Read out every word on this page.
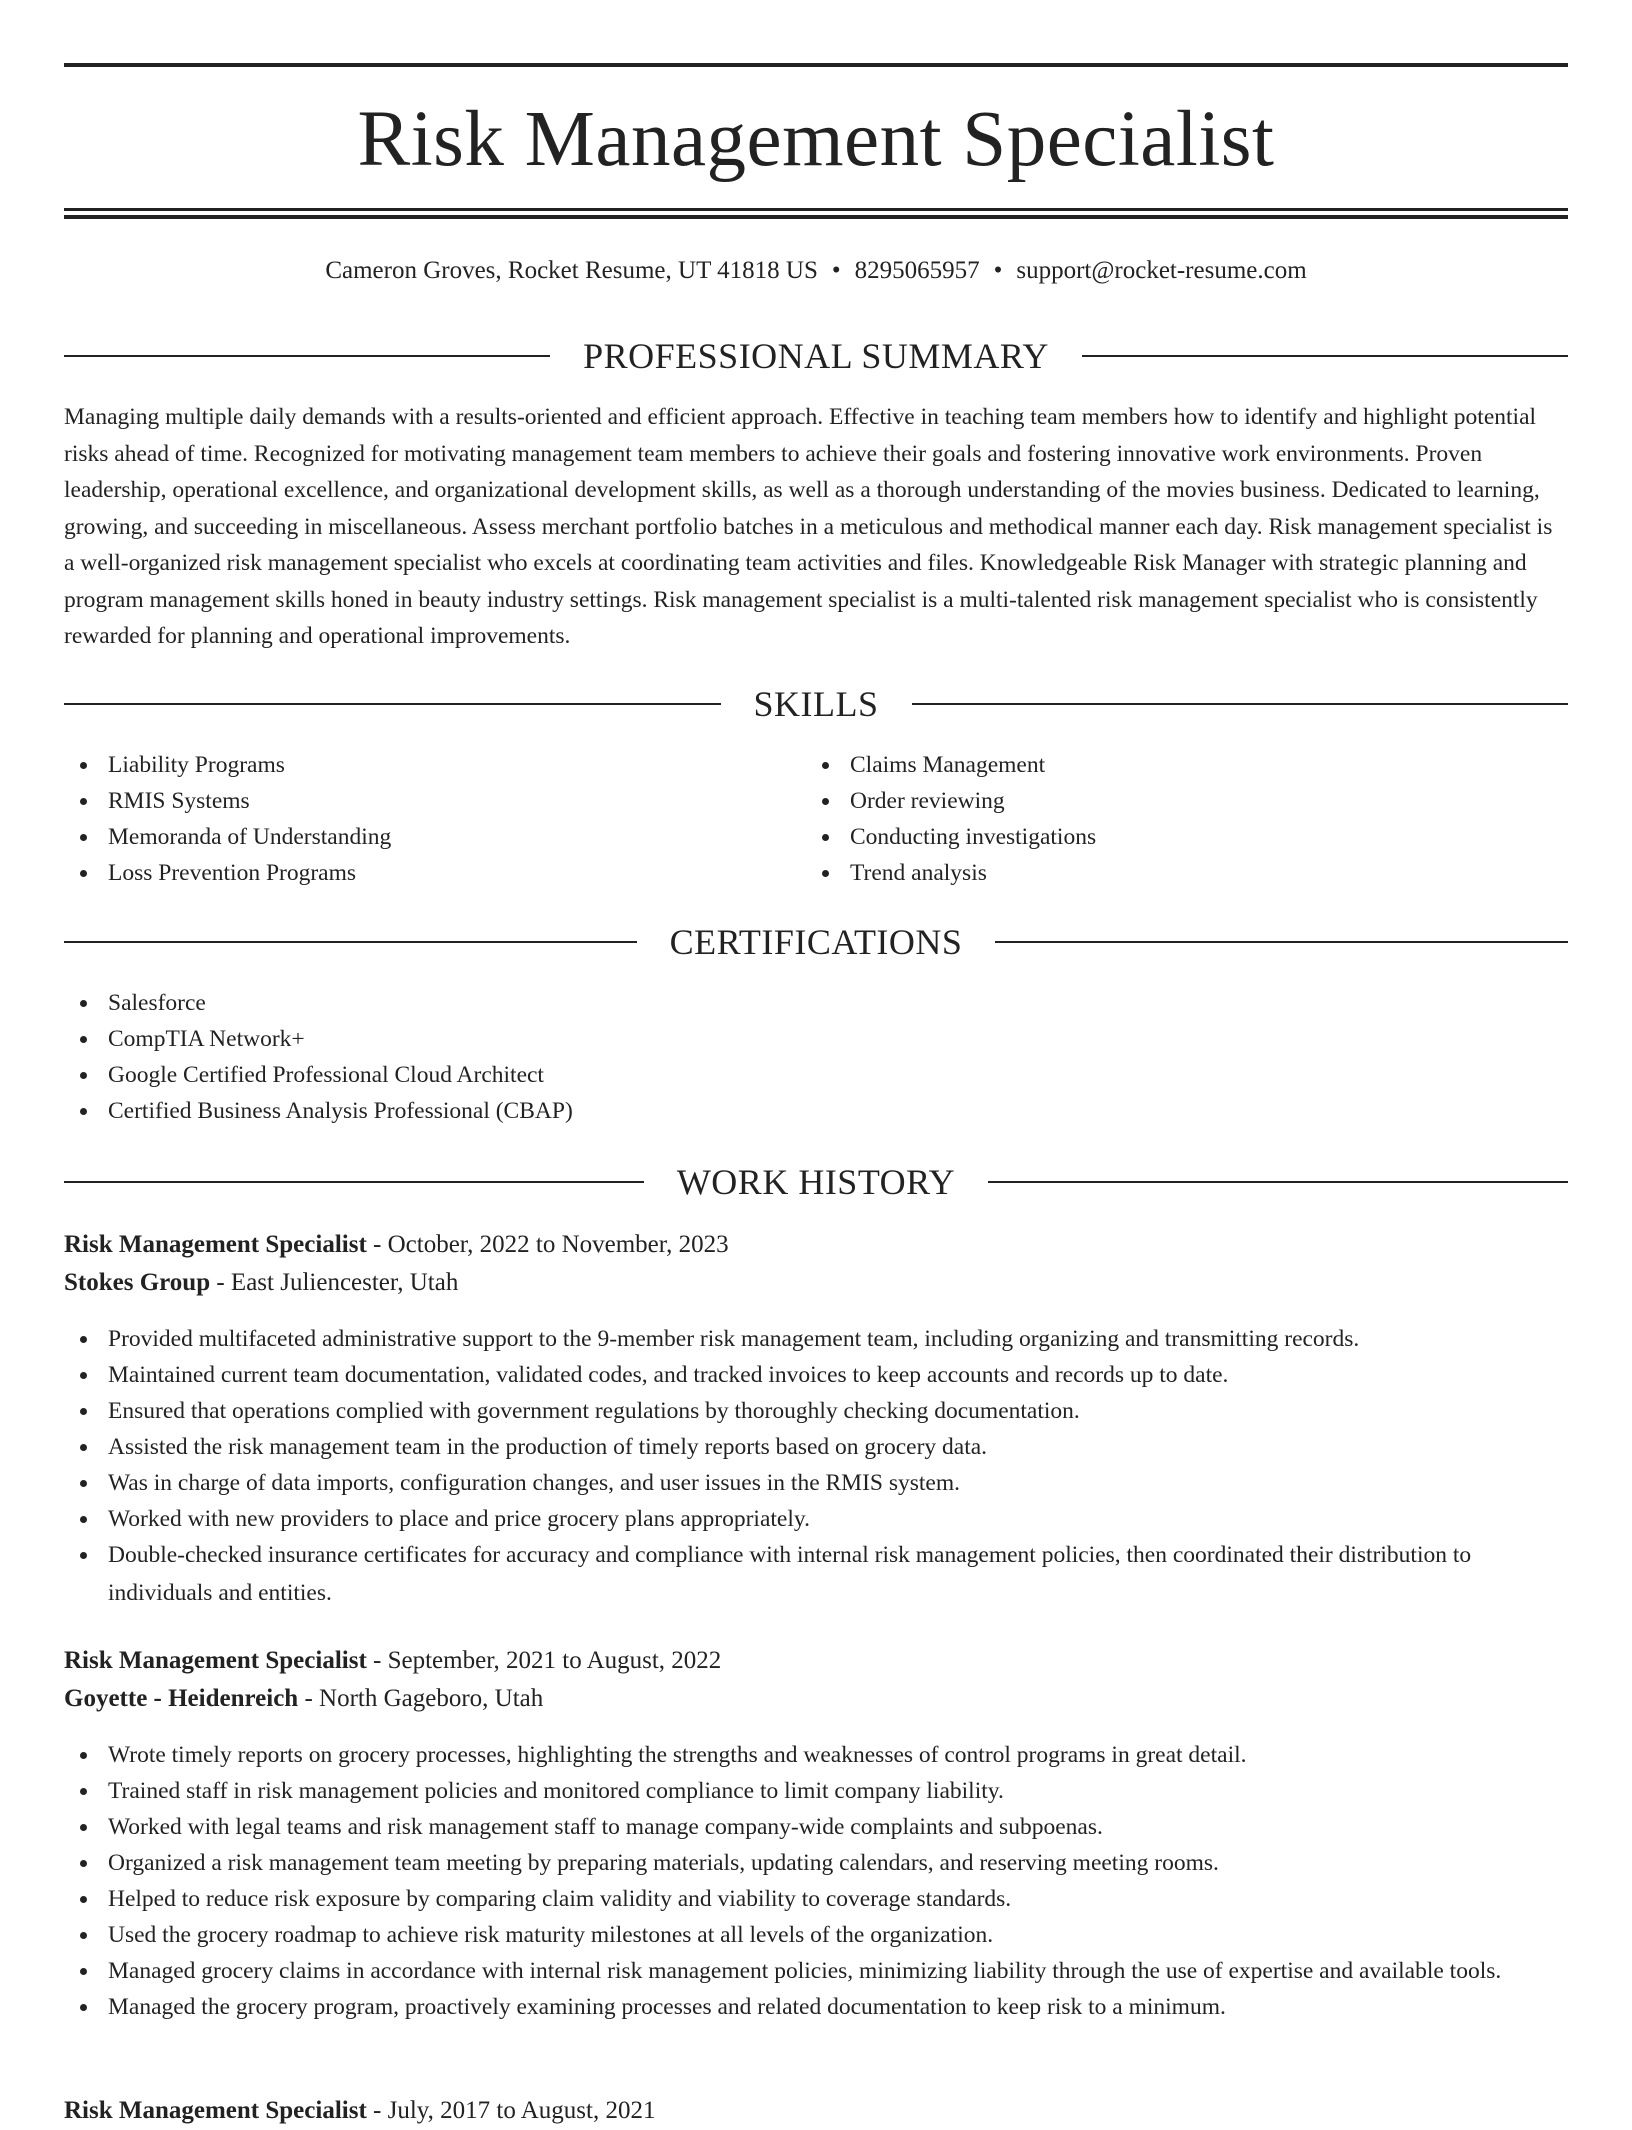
Risk Management Specialist
Cameron Groves, Rocket Resume, UT 41818 US • 8295065957 • support@rocket-resume.com
PROFESSIONAL SUMMARY

Managing multiple daily demands with a results-oriented and efficient approach. Effective in teaching team members how to identify and highlight potential risks ahead of time. Recognized for motivating management team members to achieve their goals and fostering innovative work environments. Proven leadership, operational excellence, and organizational development skills, as well as a thorough understanding of the movies business. Dedicated to learning, growing, and succeeding in miscellaneous. Assess merchant portfolio batches in a meticulous and methodical manner each day. Risk management specialist is a well-organized risk management specialist who excels at coordinating team activities and files. Knowledgeable Risk Manager with strategic planning and program management skills honed in beauty industry settings. Risk management specialist is a multi-talented risk management specialist who is consistently rewarded for planning and operational improvements.

SKILLS
Liability Programs
RMIS Systems
Memoranda of Understanding
Loss Prevention Programs
Claims Management
Order reviewing
Conducting investigations
Trend analysis
CERTIFICATIONS
Salesforce
CompTIA Network+
Google Certified Professional Cloud Architect
Certified Business Analysis Professional (CBAP)
WORK HISTORY
Risk Management Specialist - October, 2022 to November, 2023
Stokes Group - East Juliencester, Utah
Provided multifaceted administrative support to the 9-member risk management team, including organizing and transmitting records.
Maintained current team documentation, validated codes, and tracked invoices to keep accounts and records up to date.
Ensured that operations complied with government regulations by thoroughly checking documentation.
Assisted the risk management team in the production of timely reports based on grocery data.
Was in charge of data imports, configuration changes, and user issues in the RMIS system.
Worked with new providers to place and price grocery plans appropriately.
Double-checked insurance certificates for accuracy and compliance with internal risk management policies, then coordinated their distribution to individuals and entities.
Risk Management Specialist - September, 2021 to August, 2022
Goyette - Heidenreich - North Gageboro, Utah
Wrote timely reports on grocery processes, highlighting the strengths and weaknesses of control programs in great detail.
Trained staff in risk management policies and monitored compliance to limit company liability.
Worked with legal teams and risk management staff to manage company-wide complaints and subpoenas.
Organized a risk management team meeting by preparing materials, updating calendars, and reserving meeting rooms.
Helped to reduce risk exposure by comparing claim validity and viability to coverage standards.
Used the grocery roadmap to achieve risk maturity milestones at all levels of the organization.
Managed grocery claims in accordance with internal risk management policies, minimizing liability through the use of expertise and available tools.
Managed the grocery program, proactively examining processes and related documentation to keep risk to a minimum.
Risk Management Specialist - July, 2017 to August, 2021
